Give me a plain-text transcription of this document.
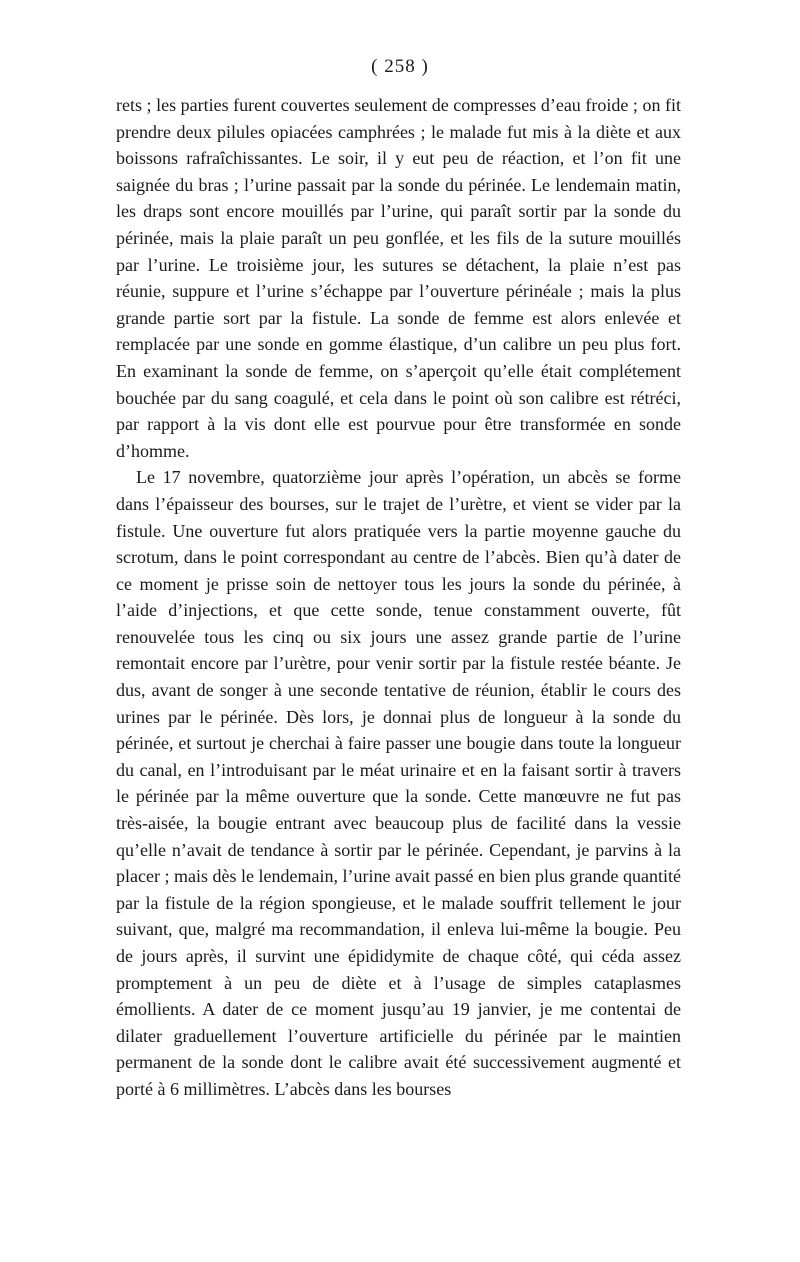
( 258 )

rets ; les parties furent couvertes seulement de compresses d’eau froide ; on fit prendre deux pilules opiacées camphrées ; le malade fut mis à la diète et aux boissons rafraîchissantes. Le soir, il y eut peu de réaction, et l’on fit une saignée du bras ; l’urine passait par la sonde du périnée. Le lendemain matin, les draps sont encore mouillés par l’urine, qui paraît sortir par la sonde du périnée, mais la plaie paraît un peu gonflée, et les fils de la suture mouillés par l’urine. Le troisième jour, les sutures se détachent, la plaie n’est pas réunie, suppure et l’urine s’échappe par l’ouverture périnéale ; mais la plus grande partie sort par la fistule. La sonde de femme est alors enlevée et remplacée par une sonde en gomme élastique, d’un calibre un peu plus fort. En examinant la sonde de femme, on s’aperçoit qu’elle était complétement bouchée par du sang coagulé, et cela dans le point où son calibre est rétréci, par rapport à la vis dont elle est pourvue pour être transformée en sonde d’homme.

Le 17 novembre, quatorzième jour après l’opération, un abcès se forme dans l’épaisseur des bourses, sur le trajet de l’urètre, et vient se vider par la fistule. Une ouverture fut alors pratiquée vers la partie moyenne gauche du scrotum, dans le point correspondant au centre de l’abcès. Bien qu’à dater de ce moment je prisse soin de nettoyer tous les jours la sonde du périnée, à l’aide d’injections, et que cette sonde, tenue constamment ouverte, fût renouvelée tous les cinq ou six jours une assez grande partie de l’urine remontait encore par l’urètre, pour venir sortir par la fistule restée béante. Je dus, avant de songer à une seconde tentative de réunion, établir le cours des urines par le périnée. Dès lors, je donnai plus de longueur à la sonde du périnée, et surtout je cherchai à faire passer une bougie dans toute la longueur du canal, en l’introduisant par le méat urinaire et en la faisant sortir à travers le périnée par la même ouverture que la sonde. Cette manœuvre ne fut pas très-aisée, la bougie entrant avec beaucoup plus de facilité dans la vessie qu’elle n’avait de tendance à sortir par le périnée. Cependant, je parvins à la placer ; mais dès le lendemain, l’urine avait passé en bien plus grande quantité par la fistule de la région spongieuse, et le malade souffrit tellement le jour suivant, que, malgré ma recommandation, il enleva lui-même la bougie. Peu de jours après, il survint une épididymite de chaque côté, qui céda assez promptement à un peu de diète et à l’usage de simples cataplasmes émollients. A dater de ce moment jusqu’au 19 janvier, je me contentai de dilater graduellement l’ouverture artificielle du périnée par le maintien permanent de la sonde dont le calibre avait été successivement augmenté et porté à 6 millimètres. L’abcès dans les bourses
